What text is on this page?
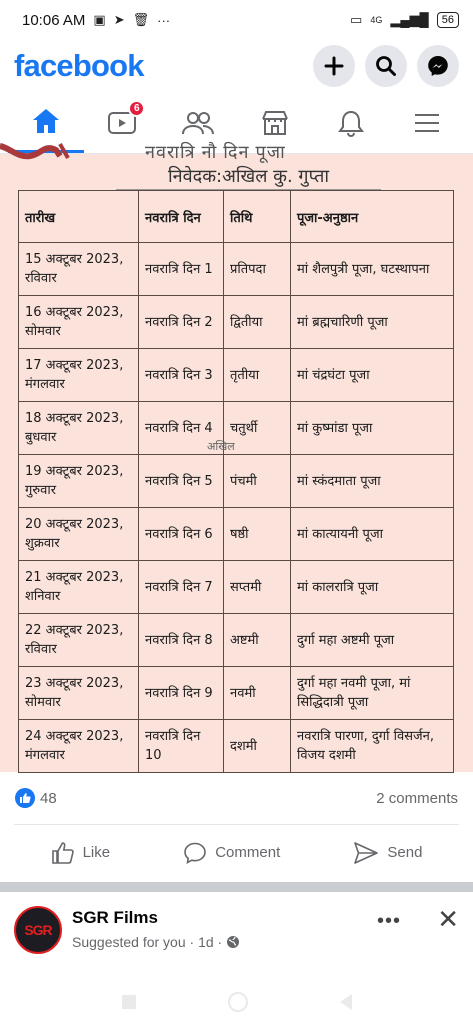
10:06 AM ▣ ➤ 🗑 ···	▭ 4G ▂▄▆█	56
facebook
6
नवरात्रि नौ दिन पूजा
निवेदक:अखिल कु. गुप्ता
तारीख	नवरात्रि दिन	तिथि	पूजा-अनुष्ठान
15 अक्टूबर 2023, रविवार	नवरात्रि दिन 1	प्रतिपदा	मां शैलपुत्री पूजा, घटस्थापना
16 अक्टूबर 2023, सोमवार	नवरात्रि दिन 2	द्वितीया	मां ब्रह्मचारिणी पूजा
17 अक्टूबर 2023, मंगलवार	नवरात्रि दिन 3	तृतीया	मां चंद्रघंटा पूजा
18 अक्टूबर 2023, बुधवार	नवरात्रि दिन 4	चतुर्थी	मां कुष्मांडा पूजा
19 अक्टूबर 2023, गुरुवार	नवरात्रि दिन 5	पंचमी	मां स्कंदमाता पूजा
20 अक्टूबर 2023, शुक्रवार	नवरात्रि दिन 6	षष्ठी	मां कात्यायनी पूजा
21 अक्टूबर 2023, शनिवार	नवरात्रि दिन 7	सप्तमी	मां कालरात्रि पूजा
22 अक्टूबर 2023, रविवार	नवरात्रि दिन 8	अष्टमी	दुर्गा महा अष्टमी पूजा
23 अक्टूबर 2023, सोमवार	नवरात्रि दिन 9	नवमी	दुर्गा महा नवमी पूजा, मां सिद्धिदात्री पूजा
24 अक्टूबर 2023, मंगलवार	नवरात्रि दिन 10	दशमी	नवरात्रि पारणा, दुर्गा विसर्जन, विजय दशमी
अखिल
48	2 comments
Like	Comment	Send
SGR
SGR Films
Suggested for you · 1d ·
••• ✕
